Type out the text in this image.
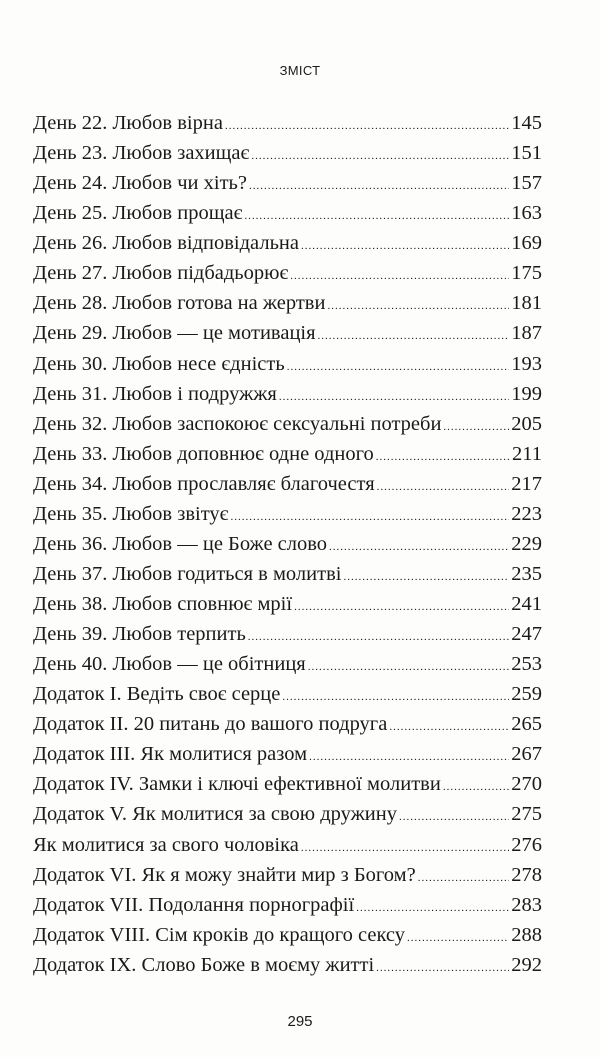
ЗМІСТ
День 22. Любов вірна .....	145
День 23. Любов захищає .....	151
День 24. Любов чи хіть? .....	157
День 25. Любов прощає .....	163
День 26. Любов відповідальна .....	169
День 27. Любов підбадьорює .....	175
День 28. Любов готова на жертви .....	181
День 29. Любов — це мотивація .....	187
День 30. Любов несе єдність .....	193
День 31. Любов і подружжя .....	199
День 32. Любов заспокоює сексуальні потреби .....	205
День 33. Любов доповнює одне одного .....	211
День 34. Любов прославляє благочестя .....	217
День 35. Любов звітує .....	223
День 36. Любов — це Боже слово .....	229
День 37. Любов годиться в молитві .....	235
День 38. Любов сповнює мрії .....	241
День 39. Любов терпить .....	247
День 40. Любов — це обітниця .....	253
Додаток I. Ведіть своє серце .....	259
Додаток II. 20 питань до вашого подруга .....	265
Додаток III. Як молитися разом .....	267
Додаток IV. Замки і ключі ефективної молитви .....	270
Додаток V. Як молитися за свою дружину .....	275
Як молитися за свого чоловіка .....	276
Додаток VI. Як я можу знайти мир з Богом? .....	278
Додаток VII. Подолання порнографії .....	283
Додаток VIII. Сім кроків до кращого сексу .....	288
Додаток IX. Слово Боже в моєму житті .....	292
295
